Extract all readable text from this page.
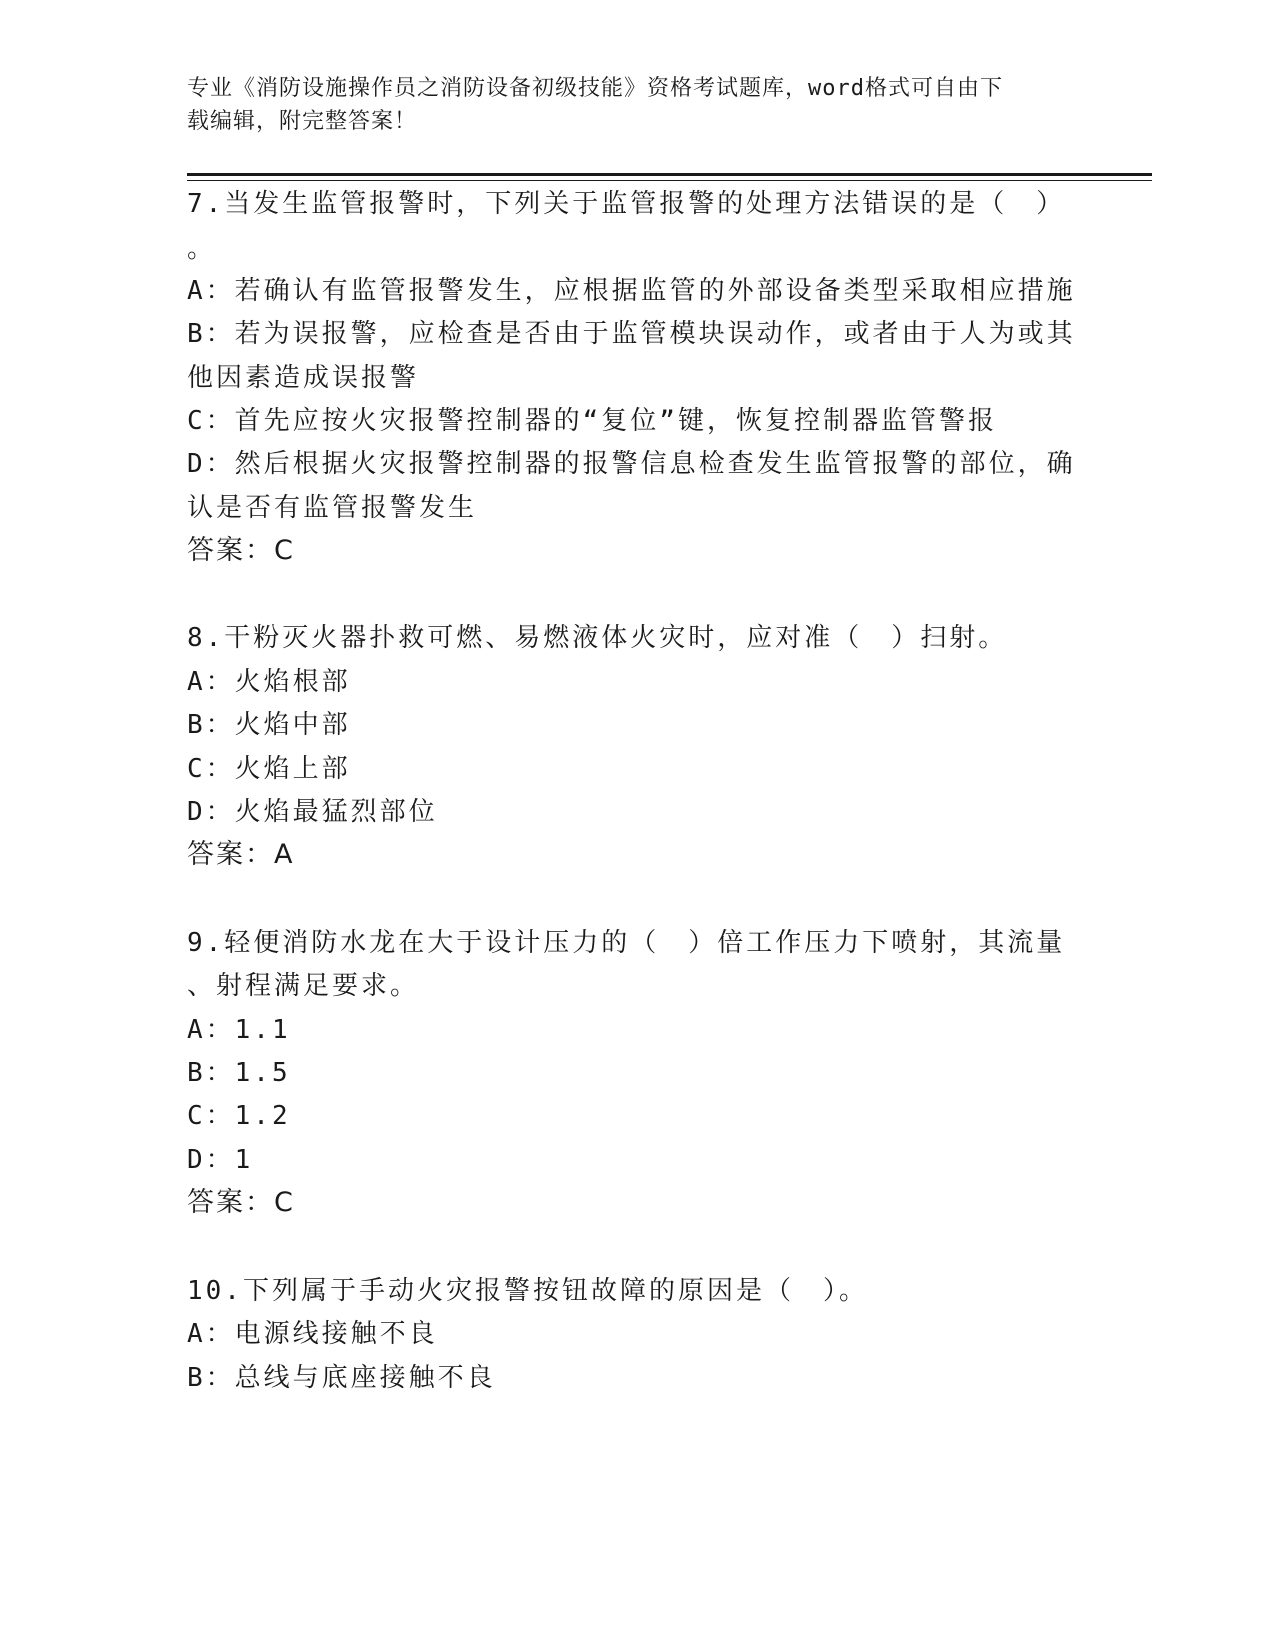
专业《消防设施操作员之消防设备初级技能》资格考试题库，word格式可自由下
载编辑，附完整答案！
7.当发生监管报警时，下列关于监管报警的处理方法错误的是（　）
。
A：若确认有监管报警发生，应根据监管的外部设备类型采取相应措施
B：若为误报警，应检查是否由于监管模块误动作，或者由于人为或其
他因素造成误报警
C：首先应按火灾报警控制器的“复位”键，恢复控制器监管警报
D：然后根据火灾报警控制器的报警信息检查发生监管报警的部位，确
认是否有监管报警发生
答案：C
8.干粉灭火器扑救可燃、易燃液体火灾时，应对准（　）扫射。
A：火焰根部
B：火焰中部
C：火焰上部
D：火焰最猛烈部位
答案：A
9.轻便消防水龙在大于设计压力的（　）倍工作压力下喷射，其流量
、射程满足要求。
A：1.1
B：1.5
C：1.2
D：1
答案：C
10.下列属于手动火灾报警按钮故障的原因是（　）。
A：电源线接触不良
B：总线与底座接触不良
